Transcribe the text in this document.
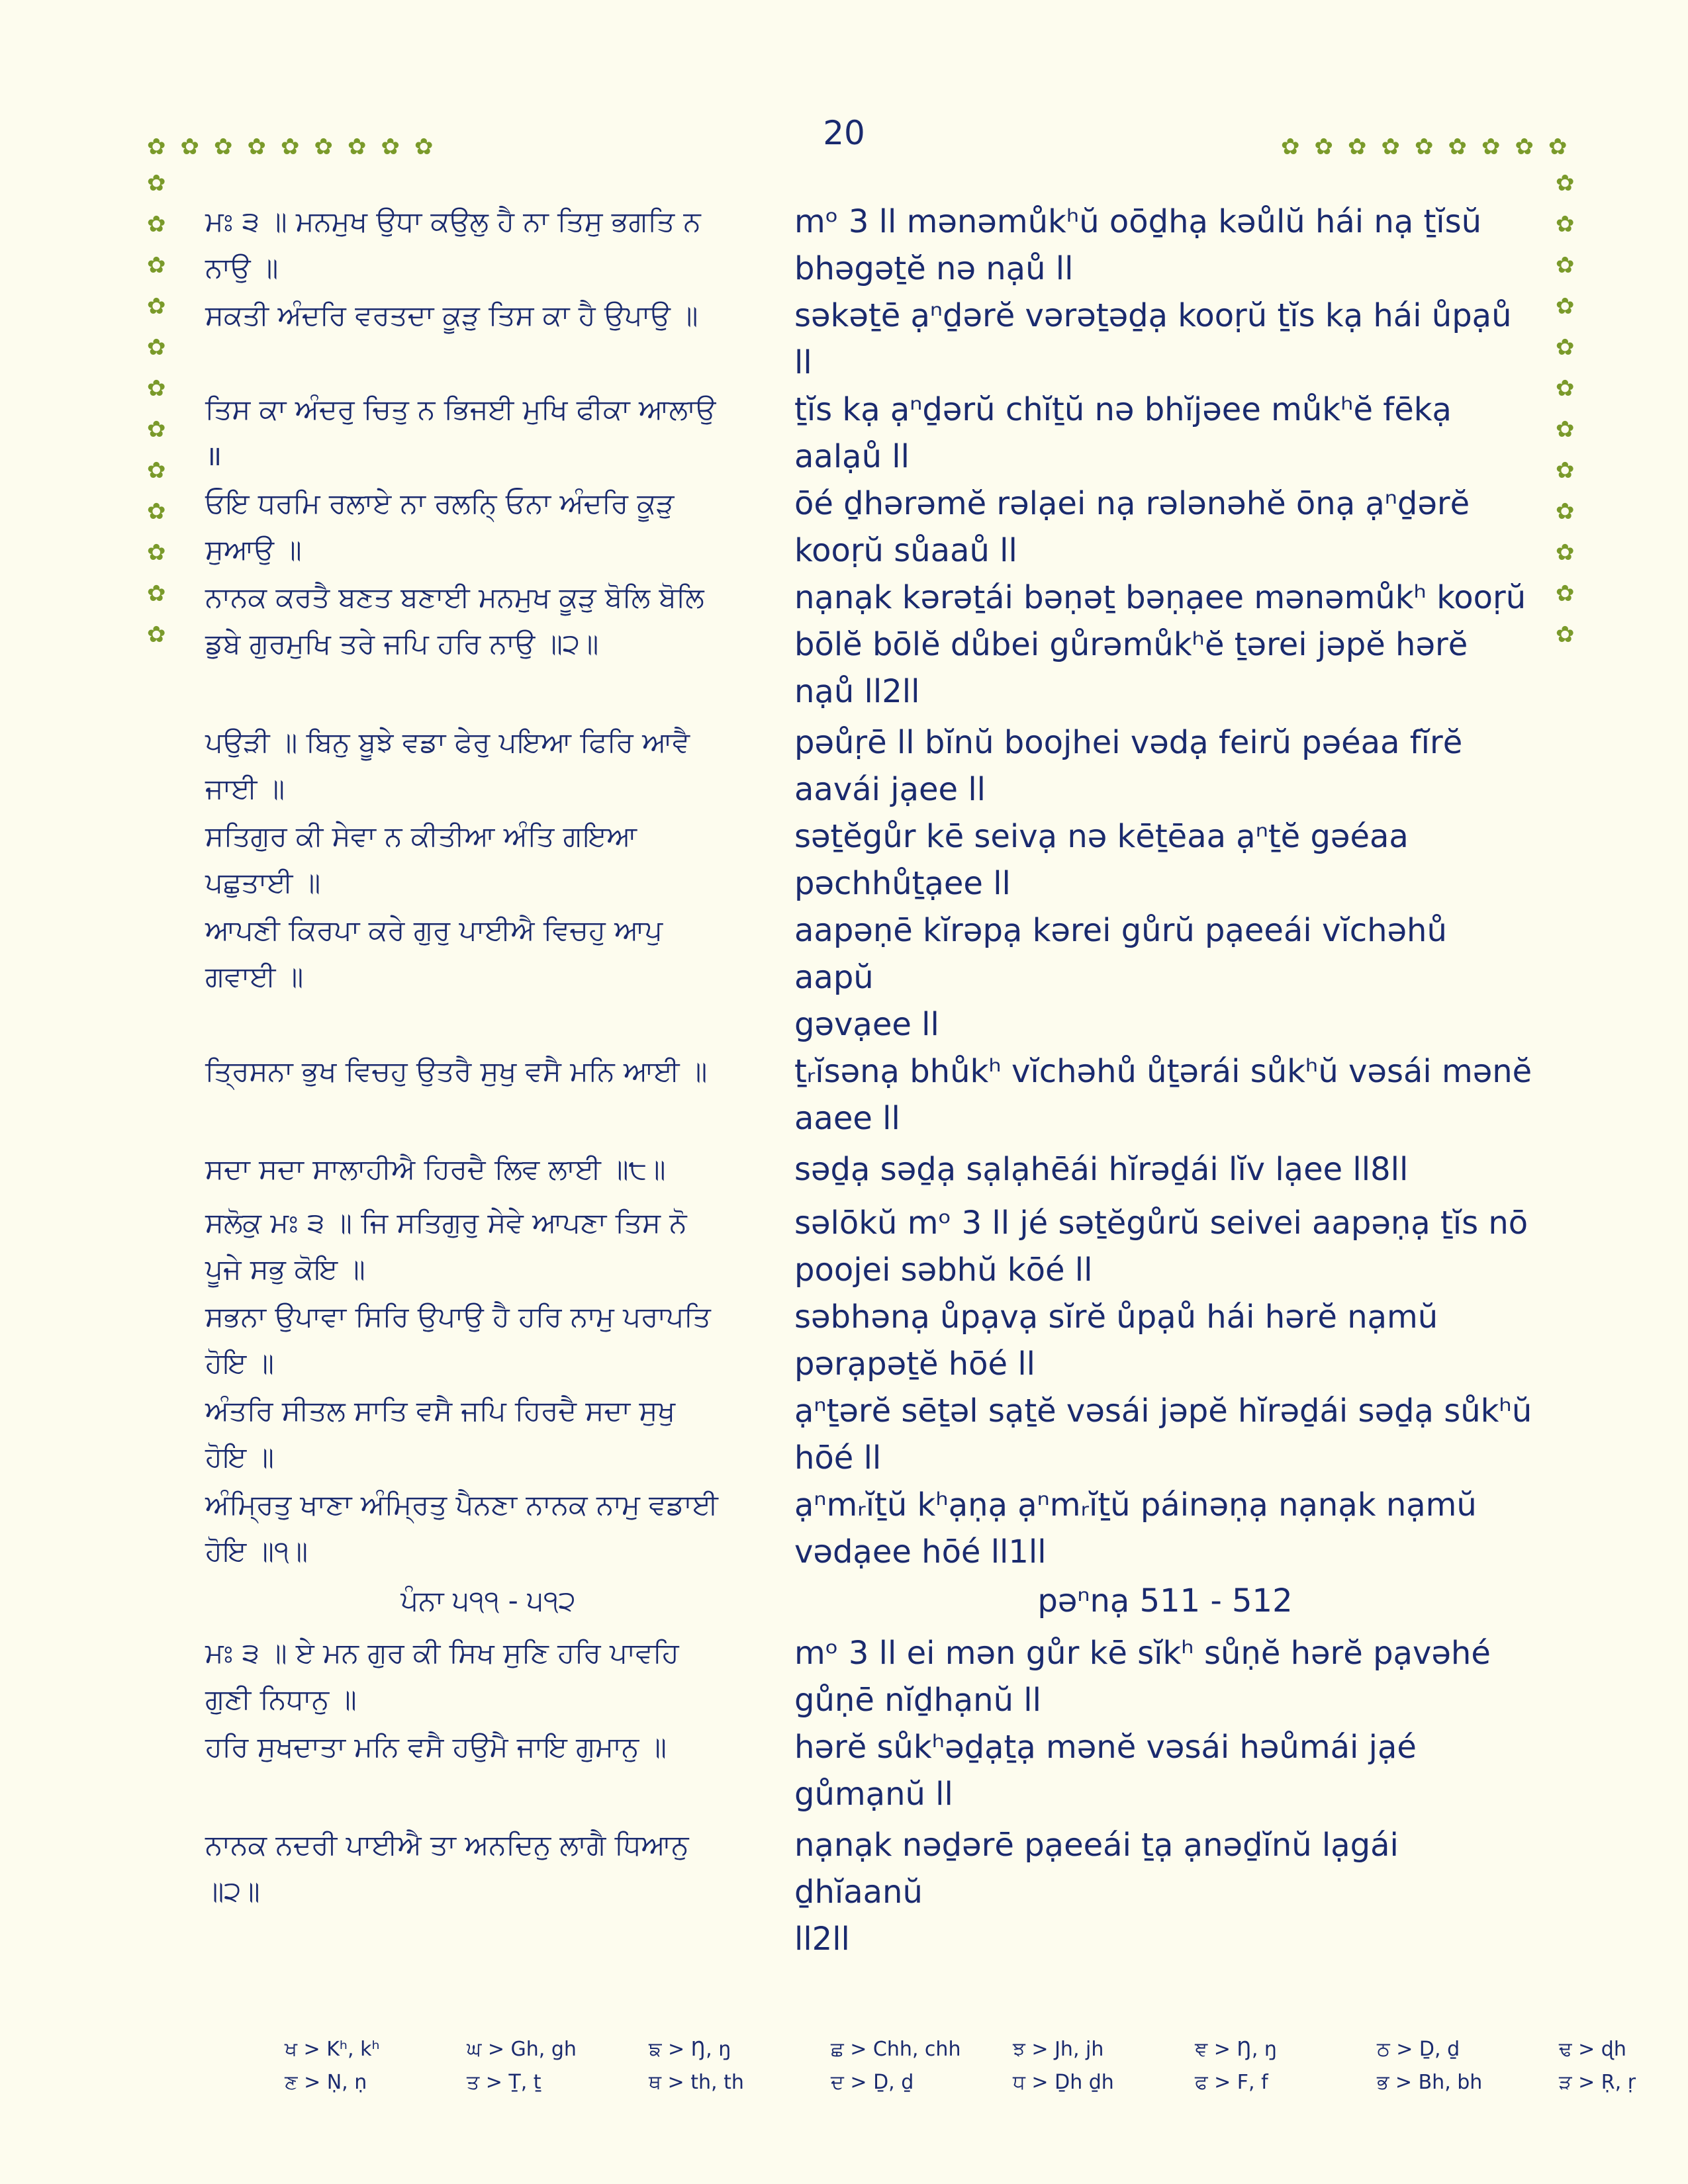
20
✿ ✿ ✿ ✿ ✿ ✿ ✿ ✿ ✿	✿ ✿ ✿ ✿ ✿ ✿ ✿ ✿ ✿
✿
✿
✿
✿
✿
✿
✿
✿
✿
✿
✿
✿
✿
✿
✿
✿
✿
✿
✿
✿
✿
✿
✿
✿
ਮਃ ੩ ॥ ਮਨਮੁਖ ਉਧਾ ਕਉਲੁ ਹੈ ਨਾ ਤਿਸੁ ਭਗਤਿ ਨ
ਨਾਉ ॥
mᵒ 3 ll mənəmůkʰŭ oōḏhạ kəůlŭ hái nạ ṯĭsŭ
bhəgəṯĕ nə nạů ll
ਸਕਤੀ ਅੰਦਰਿ ਵਰਤਦਾ ਕੂੜੁ ਤਿਸ ਕਾ ਹੈ ਉਪਾਉ ॥	səkəṯē ạⁿḏərĕ vərəṯəḏạ kooṛŭ ṯĭs kạ hái ůpạů
ll
ਤਿਸ ਕਾ ਅੰਦਰੁ ਚਿਤੁ ਨ ਭਿਜਈ ਮੁਖਿ ਫੀਕਾ ਆਲਾਉ
॥
ṯĭs kạ ạⁿḏərŭ chĭṯŭ nə bhĭjəee můkʰĕ fēkạ
aalạů ll
ਓਇ ਧਰਮਿ ਰਲਾਏ ਨਾ ਰਲਨਿ੍ ਓਨਾ ਅੰਦਰਿ ਕੂੜੁ
ਸੁਆਉ ॥
ōé ḏhərəmĕ rəlạei nạ rələnəhĕ ōnạ ạⁿḏərĕ
kooṛŭ sůaaů ll
ਨਾਨਕ ਕਰਤੈ ਬਣਤ ਬਣਾਈ ਮਨਮੁਖ ਕੂੜੁ ਬੋਲਿ ਬੋਲਿ
ਡੁਬੇ ਗੁਰਮੁਖਿ ਤਰੇ ਜਪਿ ਹਰਿ ਨਾਉ ॥੨॥
nạnạk kərəṯái bəṇəṯ bəṇạee mənəmůkʰ kooṛŭ
bōlĕ bōlĕ důbei gůrəmůkʰĕ ṯərei jəpĕ hərĕ
nạů ll2ll
ਪਉੜੀ ॥ ਬਿਨੁ ਬੂਝੇ ਵਡਾ ਫੇਰੁ ਪਇਆ ਫਿਰਿ ਆਵੈ
ਜਾਈ ॥
pəůṛē ll bĭnŭ boojhei vədạ feirŭ pəéaa fĭrĕ
aavái jạee ll
ਸਤਿਗੁਰ ਕੀ ਸੇਵਾ ਨ ਕੀਤੀਆ ਅੰਤਿ ਗਇਆ
ਪਛੁਤਾਈ ॥
səṯĕgůr kē seivạ nə kēṯēaa ạⁿṯĕ gəéaa
pəchhůṯạee ll
ਆਪਣੀ ਕਿਰਪਾ ਕਰੇ ਗੁਰੁ ਪਾਈਐ ਵਿਚਹੁ ਆਪੁ
ਗਵਾਈ ॥
aapəṇē kĭrəpạ kərei gůrŭ pạeeái vĭchəhů aapŭ
gəvạee ll
ਤ੍ਰਿਸਨਾ ਭੁਖ ਵਿਚਹੁ ਉਤਰੈ ਸੁਖੁ ਵਸੈ ਮਨਿ ਆਈ ॥	ṯᵣĭsənạ bhůkʰ vĭchəhů ůṯərái sůkʰŭ vəsái mənĕ
aaee ll
ਸਦਾ ਸਦਾ ਸਾਲਾਹੀਐ ਹਿਰਦੈ ਲਿਵ ਲਾਈ ॥੮॥	səḏạ səḏạ sạlạhēái hĭrəḏái lĭv lạee ll8ll
ਸਲੋਕੁ ਮਃ ੩ ॥ ਜਿ ਸਤਿਗੁਰੁ ਸੇਵੇ ਆਪਣਾ ਤਿਸ ਨੋ
ਪੂਜੇ ਸਭੁ ਕੋਇ ॥
səlōkŭ mᵒ 3 ll jé səṯĕgůrŭ seivei aapəṇạ ṯĭs nō
poojei səbhŭ kōé ll
ਸਭਨਾ ਉਪਾਵਾ ਸਿਰਿ ਉਪਾਉ ਹੈ ਹਰਿ ਨਾਮੁ ਪਰਾਪਤਿ
ਹੋਇ ॥
səbhənạ ůpạvạ sĭrĕ ůpạů hái hərĕ nạmŭ
pərạpəṯĕ hōé ll
ਅੰਤਰਿ ਸੀਤਲ ਸਾਤਿ ਵਸੈ ਜਪਿ ਹਿਰਦੈ ਸਦਾ ਸੁਖੁ
ਹੋਇ ॥
ạⁿṯərĕ sēṯəl sạṯĕ vəsái jəpĕ hĭrəḏái səḏạ sůkʰŭ
hōé ll
ਅੰਮ੍ਰਿਤੁ ਖਾਣਾ ਅੰਮ੍ਰਿਤੁ ਪੈਨਣਾ ਨਾਨਕ ਨਾਮੁ ਵਡਾਈ
ਹੋਇ ॥੧॥
ạⁿmᵣĭṯŭ kʰạṇạ ạⁿmᵣĭṯŭ páinəṇạ nạnạk nạmŭ
vədạee hōé ll1ll
ਪੰਨਾ ੫੧੧ - ੫੧੨	pəⁿnạ 511 - 512
ਮਃ ੩ ॥ ਏ ਮਨ ਗੁਰ ਕੀ ਸਿਖ ਸੁਣਿ ਹਰਿ ਪਾਵਹਿ
ਗੁਣੀ ਨਿਧਾਨੁ ॥
mᵒ 3 ll ei mən gůr kē sĭkʰ sůṇĕ hərĕ pạvəhé
gůṇē nĭḏhạnŭ ll
ਹਰਿ ਸੁਖਦਾਤਾ ਮਨਿ ਵਸੈ ਹਉਮੈ ਜਾਇ ਗੁਮਾਨੁ ॥	hərĕ sůkʰəḏạṯạ mənĕ vəsái həůmái jạé
gůmạnŭ ll
ਨਾਨਕ ਨਦਰੀ ਪਾਈਐ ਤਾ ਅਨਦਿਨੁ ਲਾਗੈ ਧਿਆਨੁ
॥੨॥
nạnạk nəḏərē pạeeái ṯạ ạnəḏĭnŭ lạgái ḏhĭaanŭ
ll2ll
ਖ > Kʰ, kʰ	ਘ > Gh, gh	ਙ > Ŋ, ŋ	ਛ > Chh, chh	ਝ > Jh, jh	ਞ > Ŋ, ŋ	ਠ > Ḏ, ḏ	ਢ > ɖh
ਣ > Ṇ, ṇ	ਤ > Ṯ, ṯ	ਥ > th, th	ਦ > Ḏ, ḏ	ਧ > Ḏh ḏh	ਫ > F, f	ਭ > Bh, bh	ੜ > Ṛ, ṛ
